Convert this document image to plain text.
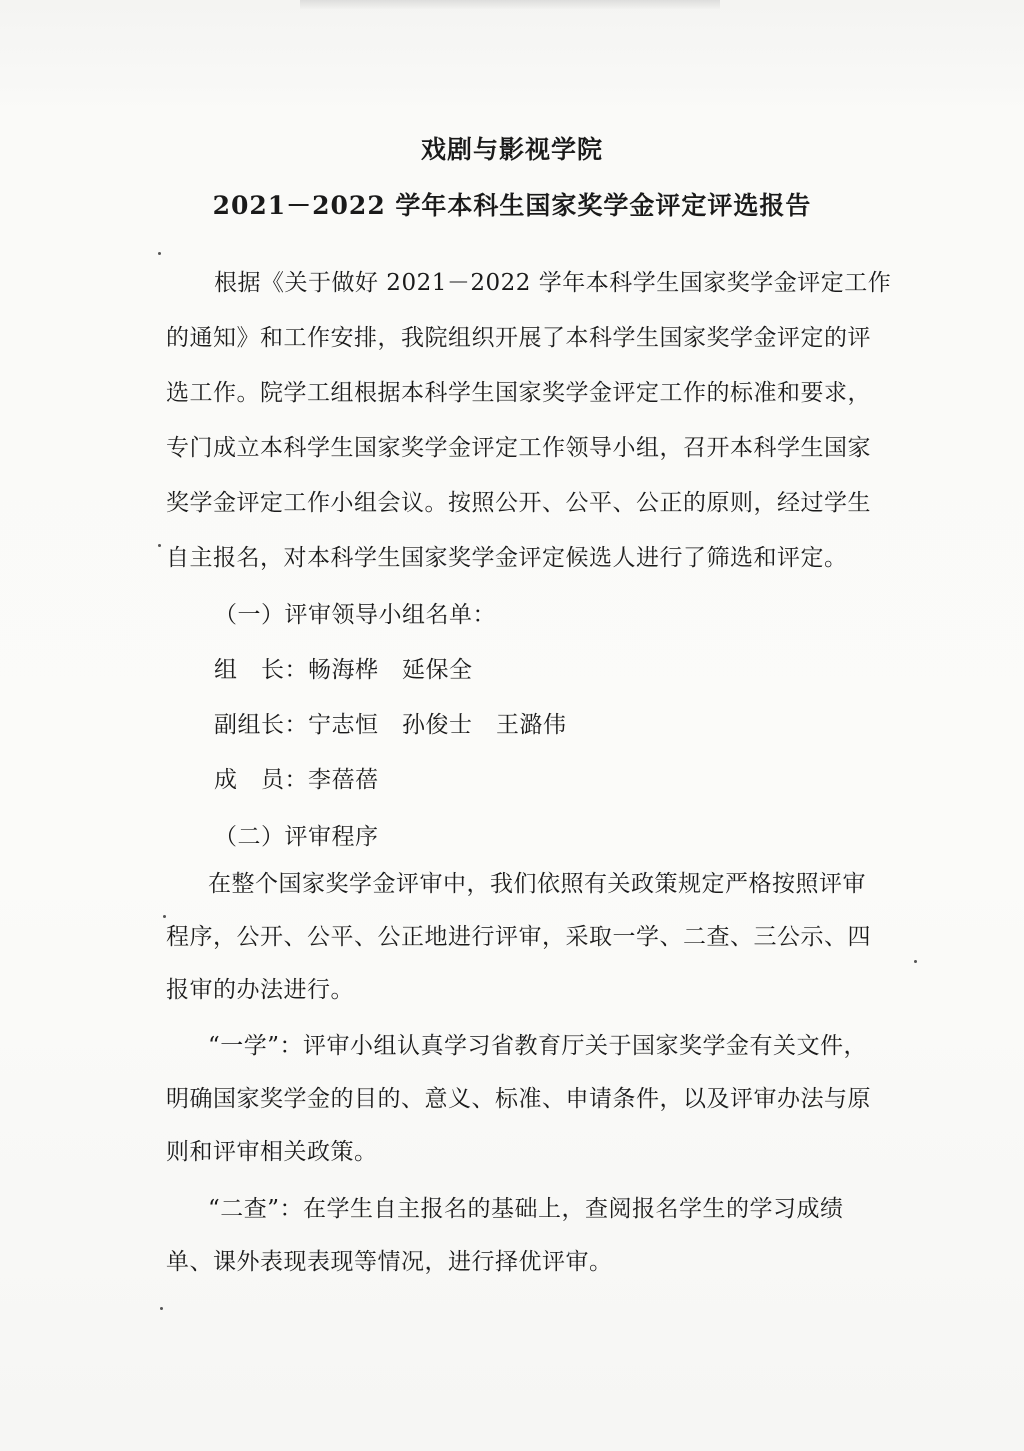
戏剧与影视学院
2021－2022 学年本科生国家奖学金评定评选报告
根据《关于做好 2021－2022 学年本科学生国家奖学金评定工作
的通知》和工作安排，我院组织开展了本科学生国家奖学金评定的评
选工作。院学工组根据本科学生国家奖学金评定工作的标准和要求，
专门成立本科学生国家奖学金评定工作领导小组，召开本科学生国家
奖学金评定工作小组会议。按照公开、公平、公正的原则，经过学生
自主报名，对本科学生国家奖学金评定候选人进行了筛选和评定。
（一）评审领导小组名单：
组　长：畅海桦　延保全
副组长：宁志恒　孙俊士　王潞伟
成　员：李蓓蓓
（二）评审程序
在整个国家奖学金评审中，我们依照有关政策规定严格按照评审
程序，公开、公平、公正地进行评审，采取一学、二查、三公示、四
报审的办法进行。
“一学”：评审小组认真学习省教育厅关于国家奖学金有关文件，
明确国家奖学金的目的、意义、标准、申请条件，以及评审办法与原
则和评审相关政策。
“二查”：在学生自主报名的基础上，查阅报名学生的学习成绩
单、课外表现表现等情况，进行择优评审。
